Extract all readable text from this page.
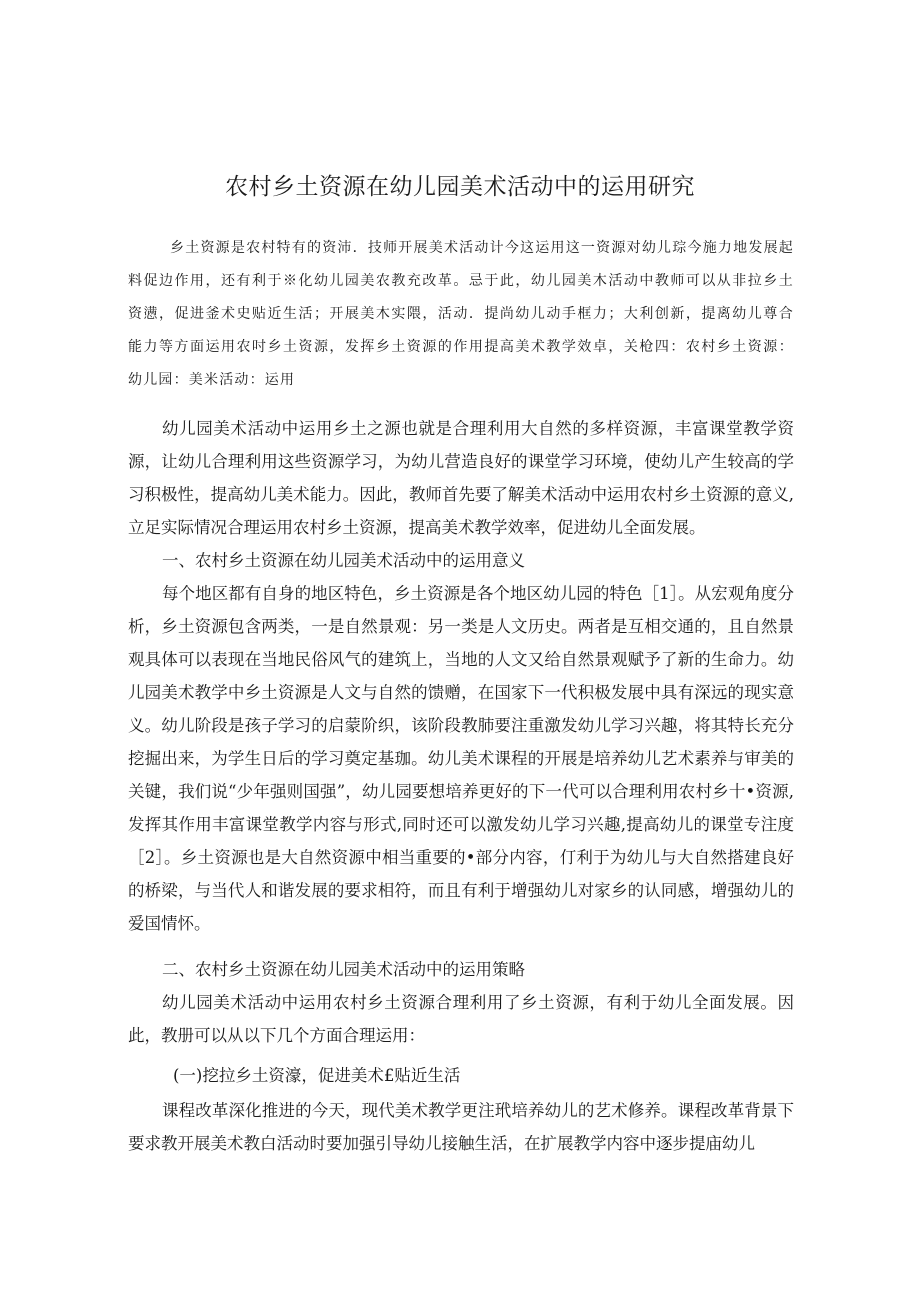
农村乡土资源在幼儿园美术活动中的运用研究

乡土资源是农村特有的资沛．技师开展美术活动计今这运用这一资源对幼儿琮今施力地发展起料促边作用，还有利于※化幼儿园美农教充改革。忌于此，幼儿园美木活动中教师可以从非拉乡土资懑，促进釜术史贴近生活；开展美木实隈，活动．提尚幼儿动手框力；大利创新，提离幼儿尊合能力等方面运用农吋乡土资源，发挥乡土资源的作用提高美术教学效卓，关枪四：农村乡土资源：幼儿园：美米活动：运用

幼儿园美术活动中运用乡土之源也就是合理利用大自然的多样资源，丰富课堂教学资源，让幼儿合理利用这些资源学习，为幼儿营造良好的课堂学习环境，使幼儿产生较高的学习积极性，提高幼儿美术能力。因此，教师首先要了解美术活动中运用农村乡土资源的意义,立足实际情况合理运用农村乡土资源，提高美术教学效率，促进幼儿全面发展。

一、农村乡土资源在幼儿园美术活动中的运用意义

每个地区都有自身的地区特色，乡土资源是各个地区幼儿园的特色［1］。从宏观角度分析，乡土资源包含两类，一是自然景观：另一类是人文历史。两者是互相交通的，且自然景观具体可以表现在当地民俗风气的建筑上，当地的人文又给自然景观赋予了新的生命力。幼儿园美术教学中乡土资源是人文与自然的馈赠，在国家下一代积极发展中具有深远的现实意义。幼儿阶段是孩子学习的启蒙阶织，该阶段教肺要注重激发幼儿学习兴趣，将其特长充分挖掘出来，为学生日后的学习奠定基珈。幼儿美术课程的开展是培养幼儿艺术素养与审美的关键，我们说“少年强则国强”，幼儿园要想培养更好的下一代可以合理利用农村乡十•资源,发挥其作用丰富课堂教学内容与形式,同时还可以激发幼儿学习兴趣,提高幼儿的课堂专注度［2］。乡土资源也是大自然资源中相当重要的•部分内容，仃利于为幼儿与大自然搭建良好的桥梁，与当代人和谐发展的要求相符，而且有利于增强幼儿对家乡的认同感，增强幼儿的爱国情怀。

二、农村乡土资源在幼儿园美术活动中的运用策略

幼儿园美术活动中运用农村乡土资源合理利用了乡土资源，有利于幼儿全面发展。因此，教册可以从以下几个方面合理运用：

(一)挖拉乡土资濠，促进美术£贴近生活

课程改革深化推进的今天，现代美术教学更注玳培养幼儿的艺术修养。课程改革背景下要求教开展美术教白活动时要加强引导幼儿接触生活，在扩展教学内容中逐步提庙幼儿
